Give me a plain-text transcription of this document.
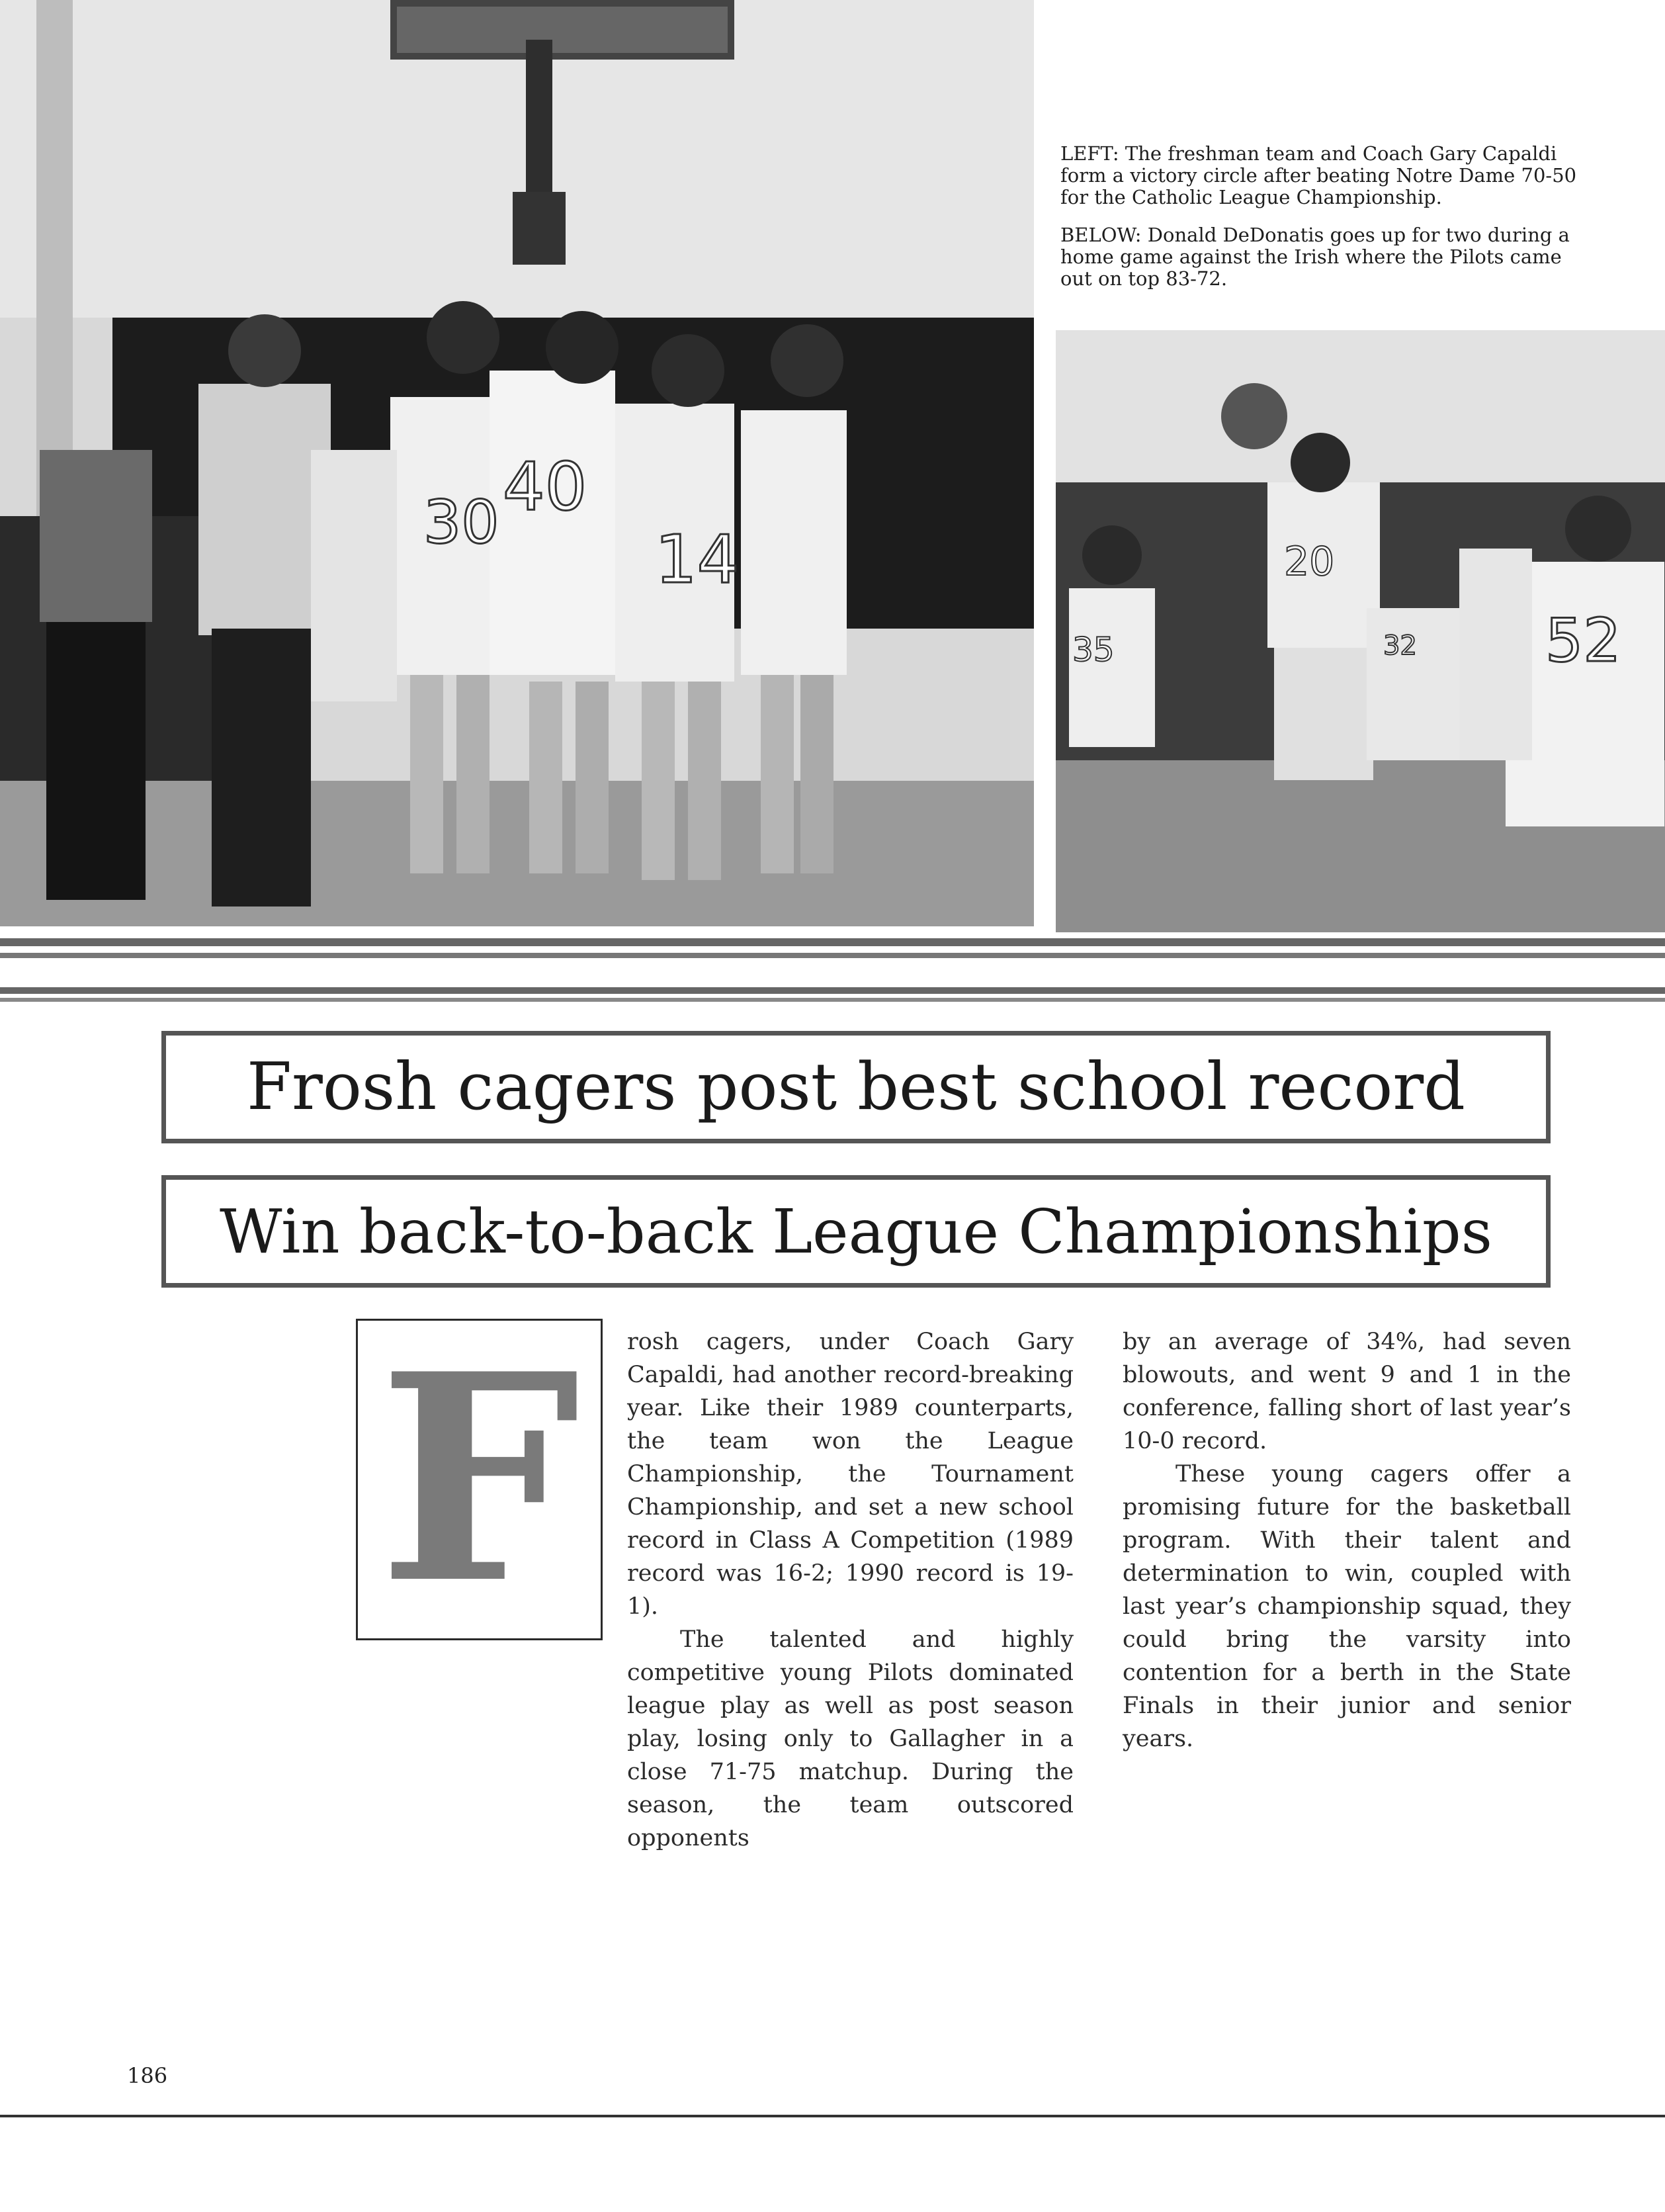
30 40
14

LEFT: The freshman team and Coach Gary Capaldi form a victory circle after beating Notre Dame 70-50 for the Catholic League Championship.

BELOW: Donald DeDonatis goes up for two during a home game against the Irish where the Pilots came out on top 83-72.

20
32 52
35
Frosh cagers post best school record
Win back-to-back League Championships
F rosh cagers, under Coach Gary Capaldi, had another record-breaking year. Like their 1989 counterparts, the team won the League Championship, the Tournament Championship, and set a new school record in Class A Competition (1989 record was 16-2; 1990 record is 19-1).

The talented and highly competitive young Pilots dominated league play as well as post season play, losing only to Gallagher in a close 71-75 matchup. During the season, the team outscored opponents

by an average of 34%, had seven blowouts, and went 9 and 1 in the conference, falling short of last year’s 10-0 record.

These young cagers offer a promising future for the basketball program. With their talent and determination to win, coupled with last year’s championship squad, they could bring the varsity into contention for a berth in the State Finals in their junior and senior years.

186
